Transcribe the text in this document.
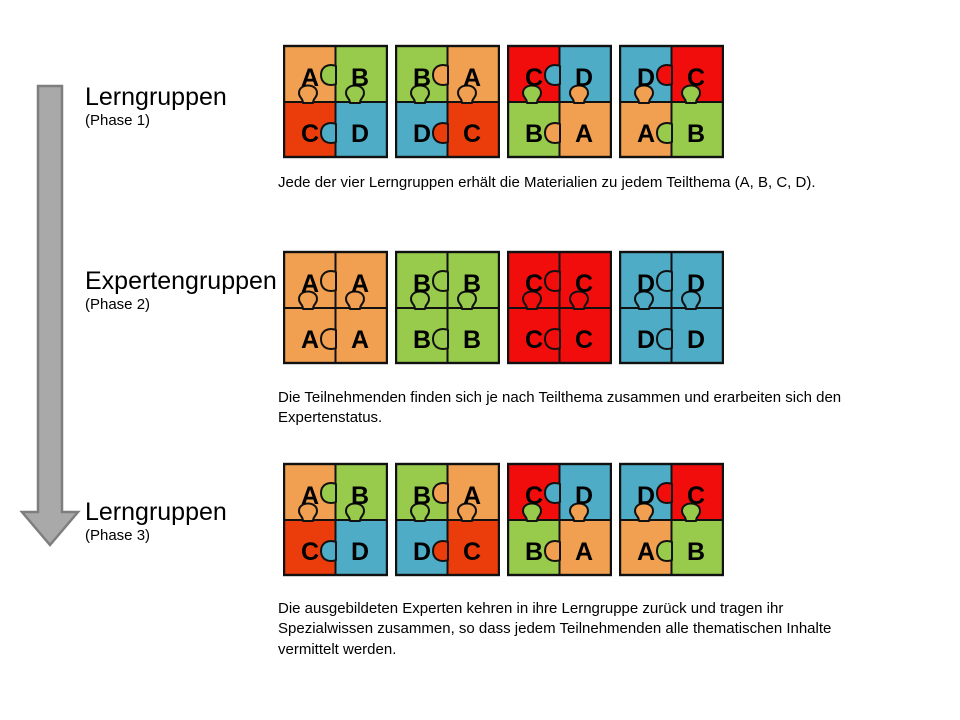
Lerngruppen
(Phase 1)
Expertengruppen
(Phase 2)
Lerngruppen
(Phase 3)
A B
C D
B A
D C
C D
B A
D C
A B
A A
A A
B B
B B
C C
C C
D D
D D
A B
C D
B A
D C
C D
B A
D C
A B

Jede der vier Lerngruppen erhält die Materialien zu jedem Teilthema (A, B, C, D).

Die Teilnehmenden finden sich je nach Teilthema zusammen und erarbeiten sich den Expertenstatus.

Die ausgebildeten Experten kehren in ihre Lerngruppe zurück und tragen ihr Spezialwissen zusammen, so dass jedem Teilnehmenden alle thematischen Inhalte vermittelt werden.
